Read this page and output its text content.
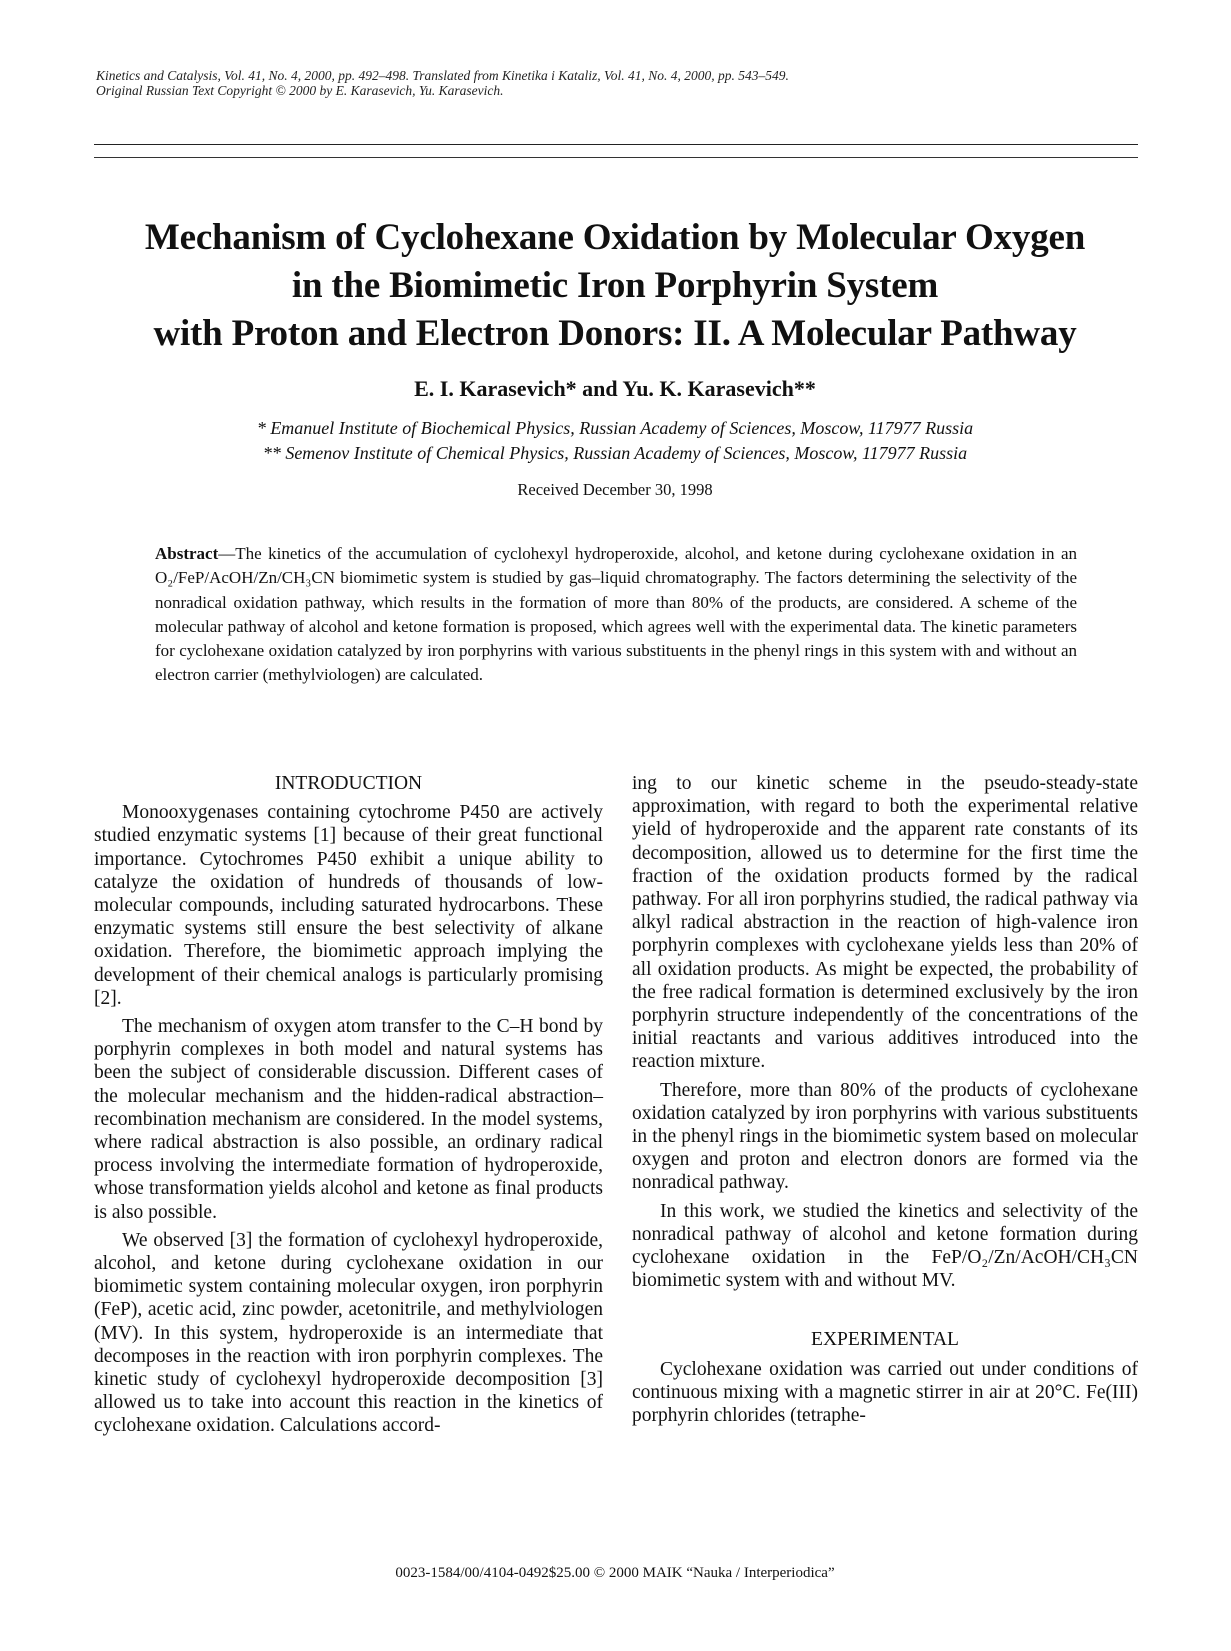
Kinetics and Catalysis, Vol. 41, No. 4, 2000, pp. 492–498. Translated from Kinetika i Kataliz, Vol. 41, No. 4, 2000, pp. 543–549.
Original Russian Text Copyright © 2000 by E. Karasevich, Yu. Karasevich.
Mechanism of Cyclohexane Oxidation by Molecular Oxygen
in the Biomimetic Iron Porphyrin System
with Proton and Electron Donors: II. A Molecular Pathway
E. I. Karasevich* and Yu. K. Karasevich**
* Emanuel Institute of Biochemical Physics, Russian Academy of Sciences, Moscow, 117977 Russia
** Semenov Institute of Chemical Physics, Russian Academy of Sciences, Moscow, 117977 Russia
Received December 30, 1998
Abstract—The kinetics of the accumulation of cyclohexyl hydroperoxide, alcohol, and ketone during cyclohexane oxidation in an O₂/FeP/AcOH/Zn/CH₃CN biomimetic system is studied by gas–liquid chromatography. The factors determining the selectivity of the nonradical oxidation pathway, which results in the formation of more than 80% of the products, are considered. A scheme of the molecular pathway of alcohol and ketone formation is proposed, which agrees well with the experimental data. The kinetic parameters for cyclohexane oxidation catalyzed by iron porphyrins with various substituents in the phenyl rings in this system with and without an electron carrier (methylviologen) are calculated.
INTRODUCTION

Monooxygenases containing cytochrome P450 are actively studied enzymatic systems [1] because of their great functional importance. Cytochromes P450 exhibit a unique ability to catalyze the oxidation of hundreds of thousands of low-molecular compounds, including saturated hydrocarbons. These enzymatic systems still ensure the best selectivity of alkane oxidation. Therefore, the biomimetic approach implying the development of their chemical analogs is particularly promising [2].

The mechanism of oxygen atom transfer to the C–H bond by porphyrin complexes in both model and natural systems has been the subject of considerable discussion. Different cases of the molecular mechanism and the hidden-radical abstraction–recombination mechanism are considered. In the model systems, where radical abstraction is also possible, an ordinary radical process involving the intermediate formation of hydroperoxide, whose transformation yields alcohol and ketone as final products is also possible.

We observed [3] the formation of cyclohexyl hydroperoxide, alcohol, and ketone during cyclohexane oxidation in our biomimetic system containing molecular oxygen, iron porphyrin (FeP), acetic acid, zinc powder, acetonitrile, and methylviologen (MV). In this system, hydroperoxide is an intermediate that decomposes in the reaction with iron porphyrin complexes. The kinetic study of cyclohexyl hydroperoxide decomposition [3] allowed us to take into account this reaction in the kinetics of cyclohexane oxidation. Calculations accord-

ing to our kinetic scheme in the pseudo-steady-state approximation, with regard to both the experimental relative yield of hydroperoxide and the apparent rate constants of its decomposition, allowed us to determine for the first time the fraction of the oxidation products formed by the radical pathway. For all iron porphyrins studied, the radical pathway via alkyl radical abstraction in the reaction of high-valence iron porphyrin complexes with cyclohexane yields less than 20% of all oxidation products. As might be expected, the probability of the free radical formation is determined exclusively by the iron porphyrin structure independently of the concentrations of the initial reactants and various additives introduced into the reaction mixture.

Therefore, more than 80% of the products of cyclohexane oxidation catalyzed by iron porphyrins with various substituents in the phenyl rings in the biomimetic system based on molecular oxygen and proton and electron donors are formed via the nonradical pathway.

In this work, we studied the kinetics and selectivity of the nonradical pathway of alcohol and ketone formation during cyclohexane oxidation in the FeP/O₂/Zn/AcOH/CH₃CN biomimetic system with and without MV.

EXPERIMENTAL

Cyclohexane oxidation was carried out under conditions of continuous mixing with a magnetic stirrer in air at 20°C. Fe(III) porphyrin chlorides (tetraphe-

0023-1584/00/4104-0492$25.00 © 2000 MAIK “Nauka / Interperiodica”
